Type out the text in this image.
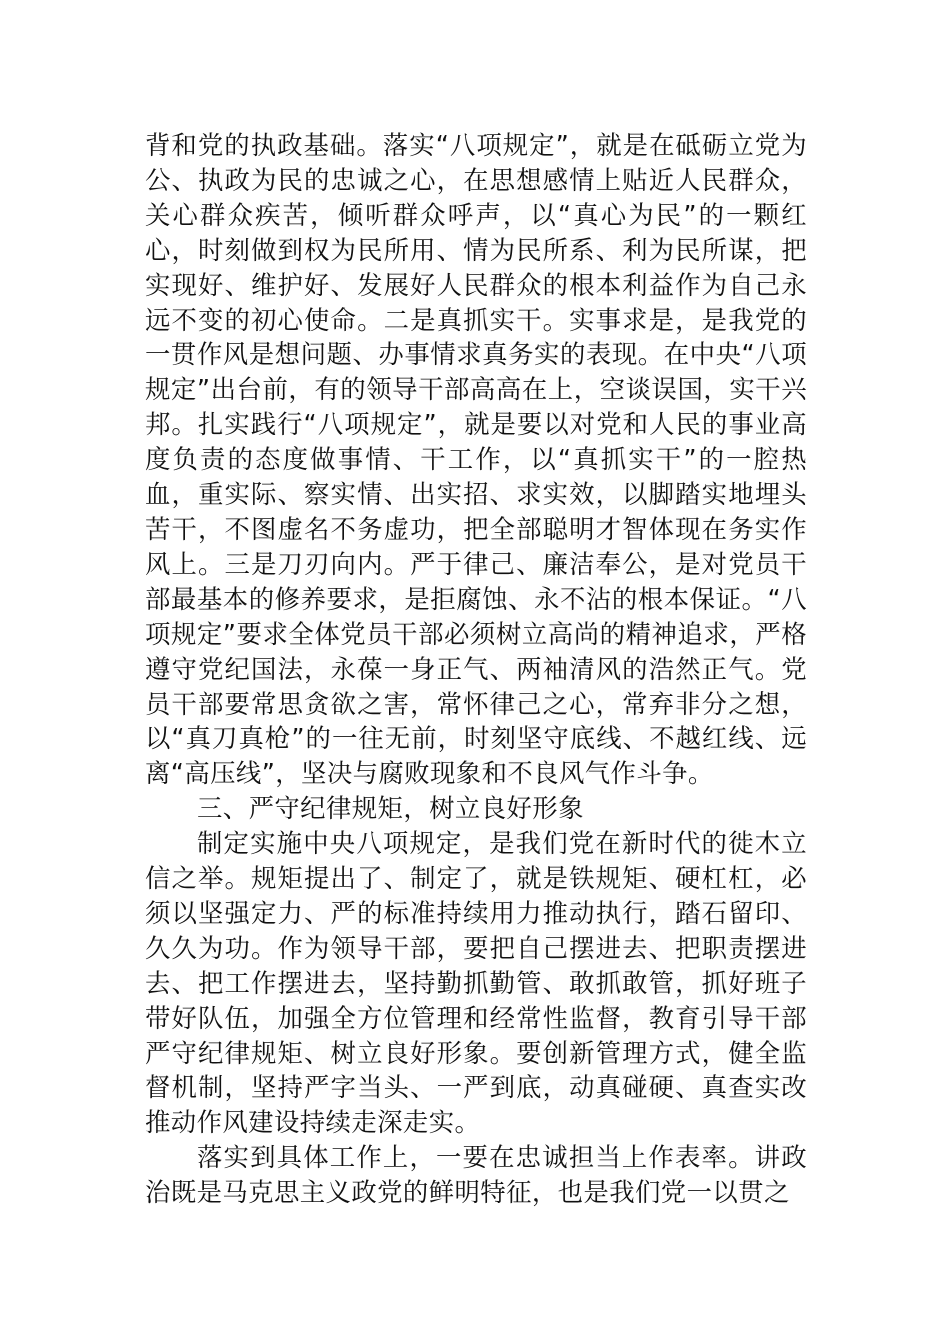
背和党的执政基础。落实“八项规定”，就是在砥砺立党为公、执政为民的忠诚之心，在思想感情上贴近人民群众，关心群众疾苦，倾听群众呼声，以“真心为民”的一颗红心，时刻做到权为民所用、情为民所系、利为民所谋，把实现好、维护好、发展好人民群众的根本利益作为自己永远不变的初心使命。二是真抓实干。实事求是，是我党的一贯作风是想问题、办事情求真务实的表现。在中央“八项规定”出台前，有的领导干部高高在上，空谈误国，实干兴邦。扎实践行“八项规定”，就是要以对党和人民的事业高度负责的态度做事情、干工作，以“真抓实干”的一腔热血，重实际、察实情、出实招、求实效，以脚踏实地埋头苦干，不图虚名不务虚功，把全部聪明才智体现在务实作风上。三是刀刃向内。严于律己、廉洁奉公，是对党员干部最基本的修养要求，是拒腐蚀、永不沾的根本保证。“八项规定”要求全体党员干部必须树立高尚的精神追求，严格遵守党纪国法，永葆一身正气、两袖清风的浩然正气。党员干部要常思贪欲之害，常怀律己之心，常弃非分之想，以“真刀真枪”的一往无前，时刻坚守底线、不越红线、远离“高压线”，坚决与腐败现象和不良风气作斗争。

三、严守纪律规矩，树立良好形象

制定实施中央八项规定，是我们党在新时代的徙木立信之举。规矩提出了、制定了，就是铁规矩、硬杠杠，必须以坚强定力、严的标准持续用力推动执行，踏石留印、久久为功。作为领导干部，要把自己摆进去、把职责摆进去、把工作摆进去，坚持勤抓勤管、敢抓敢管，抓好班子带好队伍，加强全方位管理和经常性监督，教育引导干部严守纪律规矩、树立良好形象。要创新管理方式，健全监督机制，坚持严字当头、一严到底，动真碰硬、真查实改推动作风建设持续走深走实。

落实到具体工作上，一要在忠诚担当上作表率。讲政治既是马克思主义政党的鲜明特征，也是我们党一以贯之
